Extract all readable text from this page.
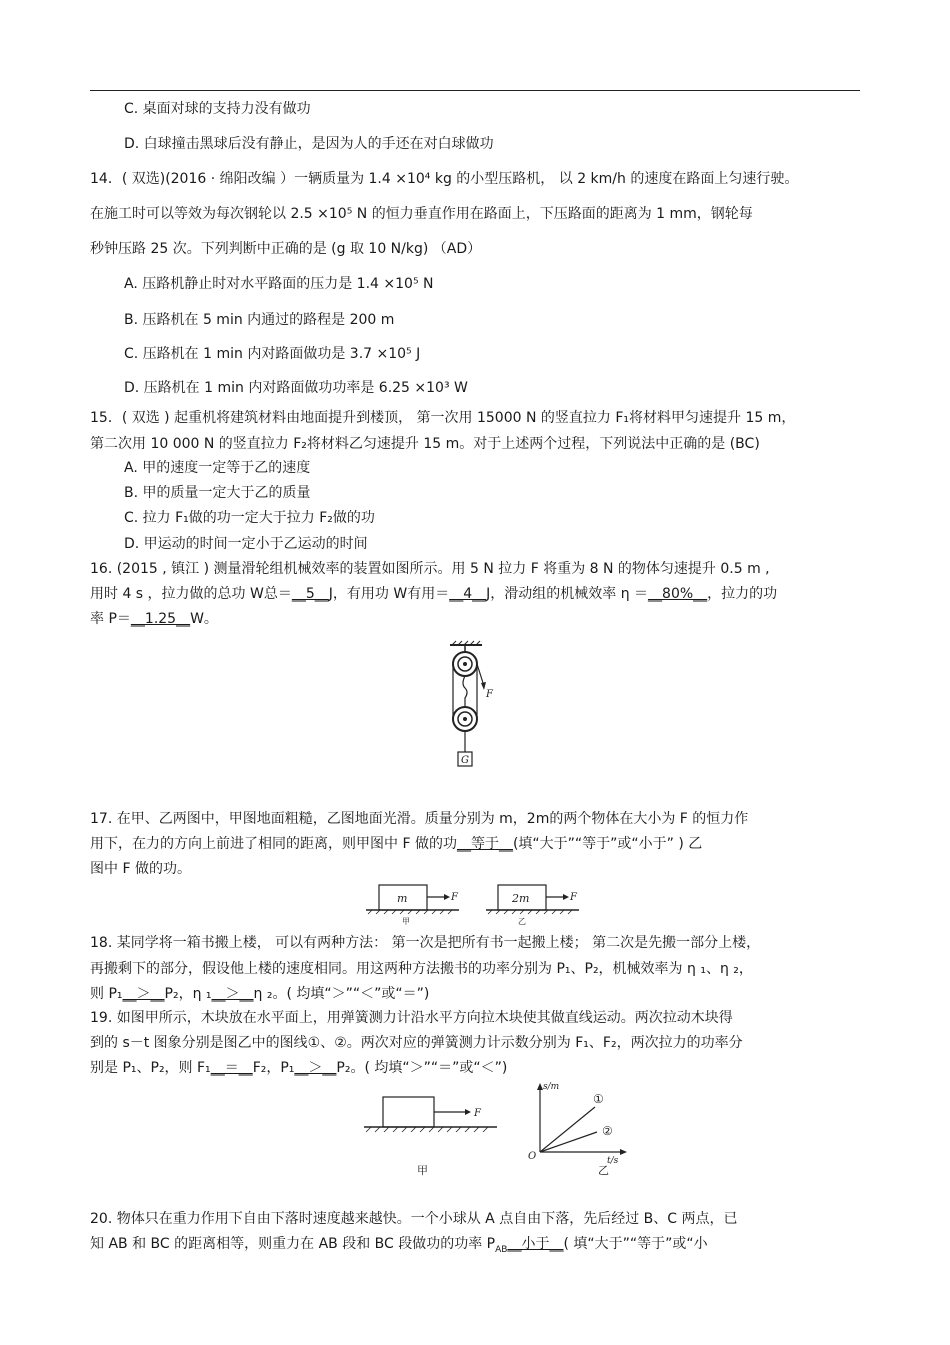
C. 桌面对球的支持力没有做功
D. 白球撞击黑球后没有静止，是因为人的手还在对白球做功
14．( 双选)(2016 · 绵阳改编 ）一辆质量为 1.4 ×10⁴ kg 的小型压路机， 以 2 km/h 的速度在路面上匀速行驶。
在施工时可以等效为每次钢轮以 2.5 ×10⁵ N 的恒力垂直作用在路面上，下压路面的距离为 1 mm，钢轮每
秒钟压路 25 次。下列判断中正确的是 (g 取 10 N/kg) （AD）
A. 压路机静止时对水平路面的压力是 1.4 ×10⁵ N
B. 压路机在 5 min 内通过的路程是 200 m
C. 压路机在 1 min 内对路面做功是 3.7 ×10⁵ J
D. 压路机在 1 min 内对路面做功功率是 6.25 ×10³ W
15．( 双选 ) 起重机将建筑材料由地面提升到楼顶， 第一次用 15000 N 的竖直拉力 F₁将材料甲匀速提升 15 m，
第二次用 10 000 N 的竖直拉力 F₂将材料乙匀速提升 15 m。对于上述两个过程，下列说法中正确的是 (BC)
A. 甲的速度一定等于乙的速度
B. 甲的质量一定大于乙的质量
C. 拉力 F₁做的功一定大于拉力 F₂做的功
D. 甲运动的时间一定小于乙运动的时间
16. (2015 , 镇江 ) 测量滑轮组机械效率的装置如图所示。用 5 N 拉力 F 将重为 8 N 的物体匀速提升 0.5 m ,
用时 4 s ，拉力做的总功 W总＝__5__J，有用功 W有用＝__4__J，滑动组的机械效率 η ＝__80%__，拉力的功
率 P＝__1.25__W。
F
G
17. 在甲、乙两图中，甲图地面粗糙，乙图地面光滑。质量分别为 m，2m的两个物体在大小为 F 的恒力作
用下，在力的方向上前进了相同的距离，则甲图中 F 做的功__等于__(填“大于”“等于”或“小于” ) 乙
图中 F 做的功。
m	F
甲
2m	F
乙
18. 某同学将一箱书搬上楼， 可以有两种方法： 第一次是把所有书一起搬上楼； 第二次是先搬一部分上楼，
再搬剩下的部分，假设他上楼的速度相同。用这两种方法搬书的功率分别为 P₁、P₂，机械效率为 η ₁、η ₂，
则 P₁__＞__P₂，η ₁__＞__η ₂。( 均填“＞”“＜”或“＝”)
19. 如图甲所示，木块放在水平面上，用弹簧测力计沿水平方向拉木块使其做直线运动。两次拉动木块得
到的 s－t 图象分别是图乙中的图线①、②。两次对应的弹簧测力计示数分别为 F₁、F₂，两次拉力的功率分
别是 P₁、P₂，则 F₁__＝__F₂，P₁__＞__P₂。( 均填“＞”“＝”或“＜”)
F
甲
s/m
t/s
O
①
②
乙
20. 物体只在重力作用下自由下落时速度越来越快。一个小球从 A 点自由下落，先后经过 B、C 两点，已
知 AB 和 BC 的距离相等，则重力在 AB 段和 BC 段做功的功率 $P_{AB}\_\_$小于__( 填“大于”“等于”或“小
